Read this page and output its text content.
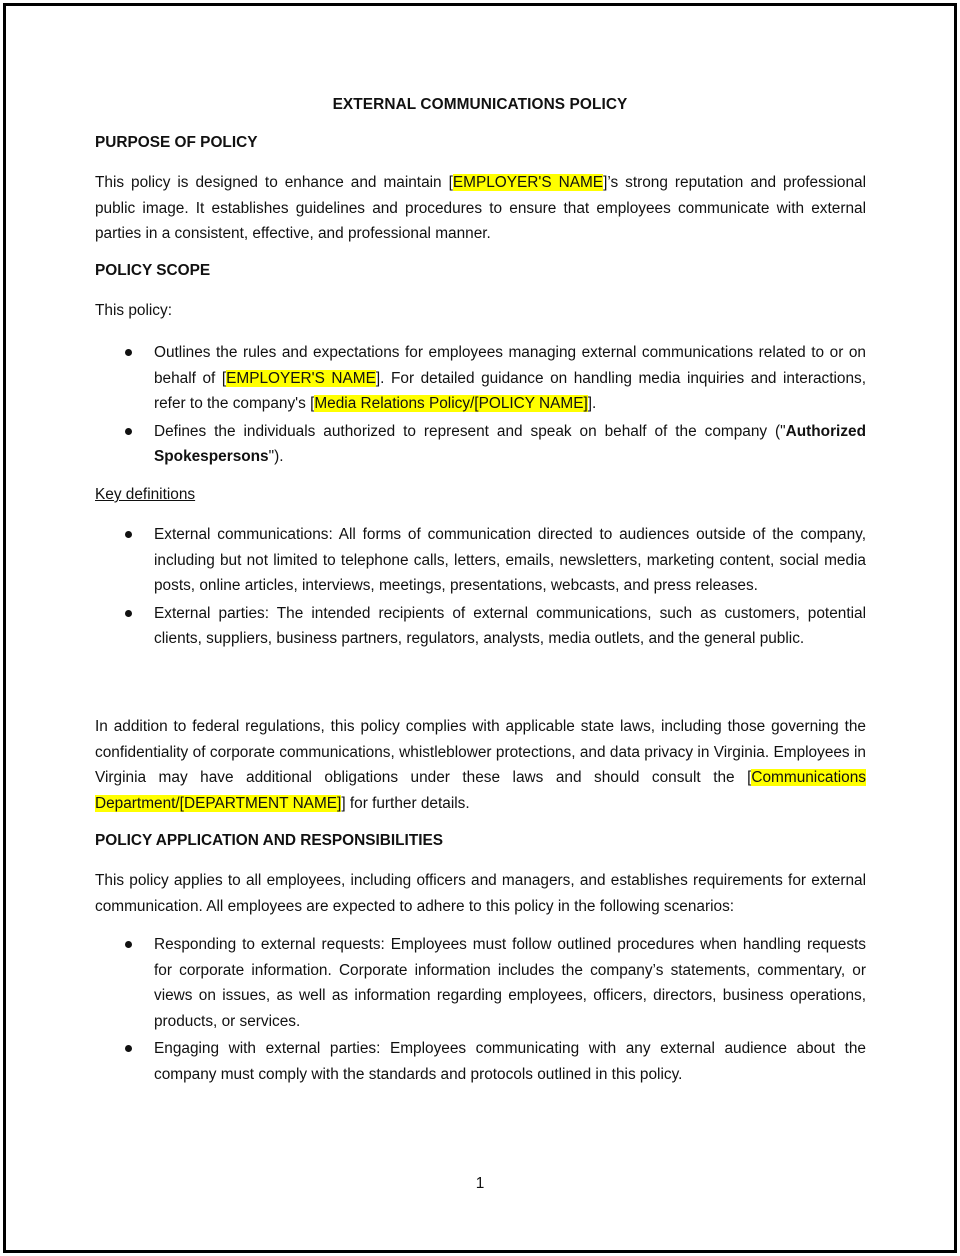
EXTERNAL COMMUNICATIONS POLICY
PURPOSE OF POLICY

This policy is designed to enhance and maintain [EMPLOYER'S NAME]’s strong reputation and professional public image. It establishes guidelines and procedures to ensure that employees communicate with external parties in a consistent, effective, and professional manner.

POLICY SCOPE
This policy:
Outlines the rules and expectations for employees managing external communications related to or on behalf of [EMPLOYER'S NAME]. For detailed guidance on handling media inquiries and interactions, refer to the company's [Media Relations Policy/[POLICY NAME]].
Defines the individuals authorized to represent and speak on behalf of the company ("Authorized Spokespersons").
Key definitions
External communications: All forms of communication directed to audiences outside of the company, including but not limited to telephone calls, letters, emails, newsletters, marketing content, social media posts, online articles, interviews, meetings, presentations, webcasts, and press releases.
External parties: The intended recipients of external communications, such as customers, potential clients, suppliers, business partners, regulators, analysts, media outlets, and the general public.

In addition to federal regulations, this policy complies with applicable state laws, including those governing the confidentiality of corporate communications, whistleblower protections, and data privacy in Virginia. Employees in Virginia may have additional obligations under these laws and should consult the [Communications Department/[DEPARTMENT NAME]] for further details.

POLICY APPLICATION AND RESPONSIBILITIES

This policy applies to all employees, including officers and managers, and establishes requirements for external communication. All employees are expected to adhere to this policy in the following scenarios:

Responding to external requests: Employees must follow outlined procedures when handling requests for corporate information. Corporate information includes the company’s statements, commentary, or views on issues, as well as information regarding employees, officers, directors, business operations, products, or services.
Engaging with external parties: Employees communicating with any external audience about the company must comply with the standards and protocols outlined in this policy.
1
